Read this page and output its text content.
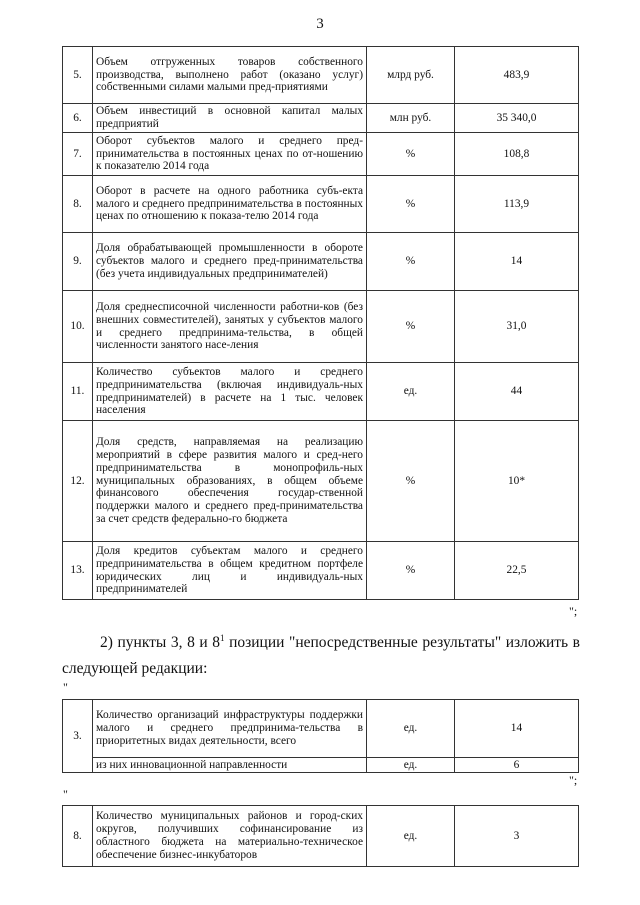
3
5.	Объем отгруженных товаров собственного производства, выполнено работ (оказано услуг) собственными силами малыми пред-приятиями	млрд руб.	483,9
6.	Объем инвестиций в основной капитал малых предприятий	млн руб.	35 340,0
7.	Оборот субъектов малого и среднего пред-принимательства в постоянных ценах по от-ношению к показателю 2014 года	%	108,8
8.	Оборот в расчете на одного работника субъ-екта малого и среднего предпринимательства в постоянных ценах по отношению к показа-телю 2014 года	%	113,9
9.	Доля обрабатывающей промышленности в обороте субъектов малого и среднего пред-принимательства (без учета индивидуальных предпринимателей)	%	14
10.	Доля среднесписочной численности работни-ков (без внешних совместителей), занятых у субъектов малого и среднего предпринима-тельства, в общей численности занятого насе-ления	%	31,0
11.	Количество субъектов малого и среднего предпринимательства (включая индивидуаль-ных предпринимателей) в расчете на 1 тыс. человек населения	ед.	44
12.	Доля средств, направляемая на реализацию мероприятий в сфере развития малого и сред-него предпринимательства в монопрофиль-ных муниципальных образованиях, в общем объеме финансового обеспечения государ-ственной поддержки малого и среднего пред-принимательства за счет средств федерально-го бюджета	%	10*
13.	Доля кредитов субъектам малого и среднего предпринимательства в общем кредитном портфеле юридических лиц и индивидуаль-ных предпринимателей	%	22,5
";
2) пункты 3, 8 и $8^1$ позиции "непосредственные результаты" изложить в следующей редакции:
"
3.	Количество организаций инфраструктуры поддержки малого и среднего предпринима-тельства в приоритетных видах деятельности, всего	ед.	14
	из них инновационной направленности	ед.	6
";
"
8.	Количество муниципальных районов и город-ских округов, получивших софинансирование из областного бюджета на материально-техническое обеспечение бизнес-инкубаторов	ед.	3
